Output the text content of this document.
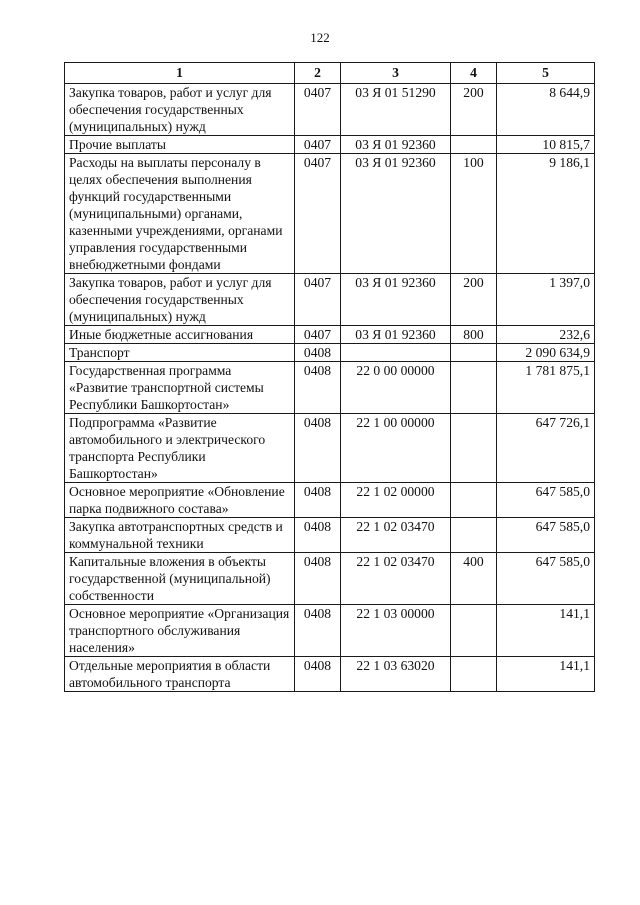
122
1	2	3	4	5
Закупка товаров, работ и услуг для обеспечения государственных (муниципальных) нужд	0407	03 Я 01 51290	200	8 644,9
Прочие выплаты	0407	03 Я 01 92360		10 815,7
Расходы на выплаты персоналу в целях обеспечения выполнения функций государственными (муниципальными) органами, казенными учреждениями, органами управления государственными внебюджетными фондами	0407	03 Я 01 92360	100	9 186,1
Закупка товаров, работ и услуг для обеспечения государственных (муниципальных) нужд	0407	03 Я 01 92360	200	1 397,0
Иные бюджетные ассигнования	0407	03 Я 01 92360	800	232,6
Транспорт	0408			2 090 634,9
Государственная программа «Развитие транспортной системы Республики Башкортостан»	0408	22 0 00 00000		1 781 875,1
Подпрограмма «Развитие автомобильного и электрического транспорта Республики Башкортостан»	0408	22 1 00 00000		647 726,1
Основное мероприятие «Обновление парка подвижного состава»	0408	22 1 02 00000		647 585,0
Закупка автотранспортных средств и коммунальной техники	0408	22 1 02 03470		647 585,0
Капитальные вложения в объекты государственной (муниципальной) собственности	0408	22 1 02 03470	400	647 585,0
Основное мероприятие «Организация транспортного обслуживания населения»	0408	22 1 03 00000		141,1
Отдельные мероприятия в области автомобильного транспорта	0408	22 1 03 63020		141,1
